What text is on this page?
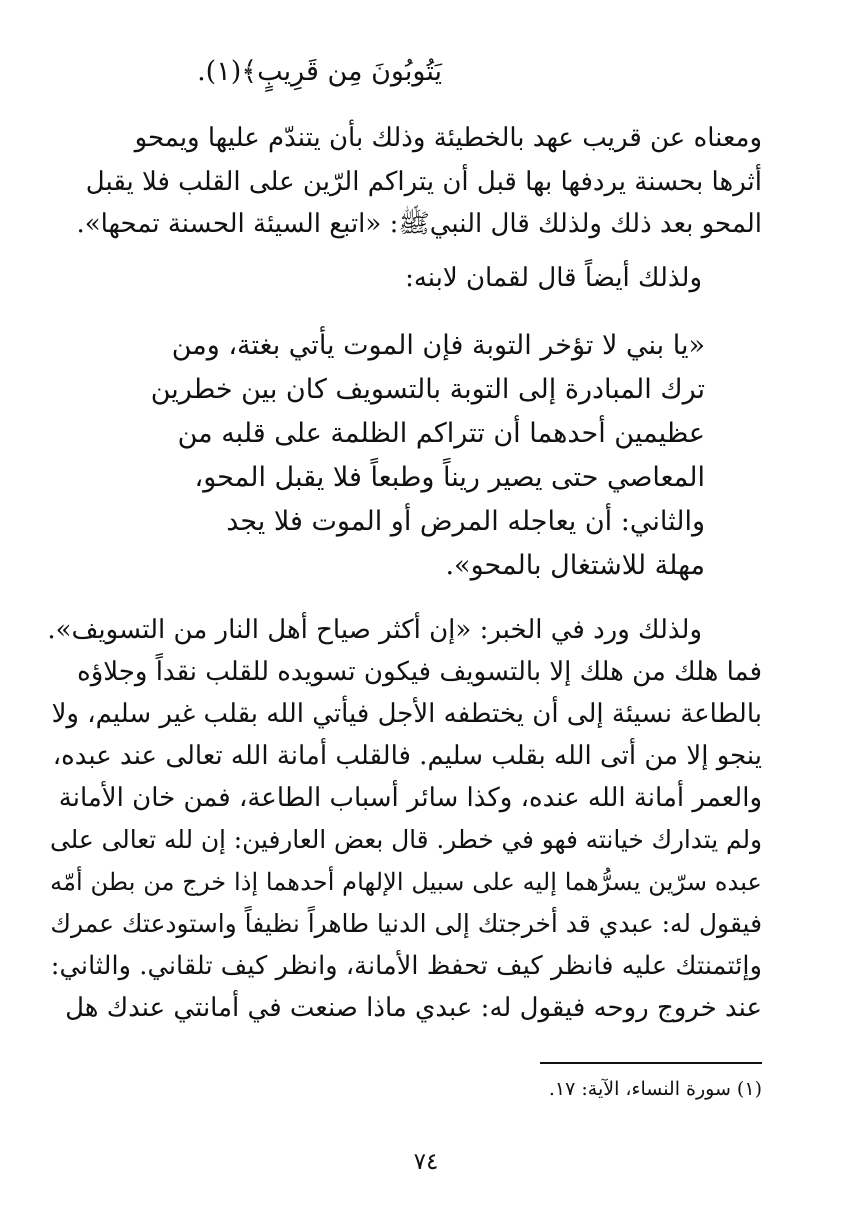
يَتُوبُونَ مِن قَرِيبٍ﴾(١).
ومعناه عن قريب عهد بالخطيئة وذلك بأن يتندّم عليها ويمحو
أثرها بحسنة يردفها بها قبل أن يتراكم الرّين على القلب فلا يقبل
المحو بعد ذلك ولذلك قال النبيﷺ: «اتبع السيئة الحسنة تمحها».
ولذلك أيضاً قال لقمان لابنه:
«يا بني لا تؤخر التوبة فإن الموت يأتي بغتة، ومن
ترك المبادرة إلى التوبة بالتسويف كان بين خطرين
عظيمين أحدهما أن تتراكم الظلمة على قلبه من
المعاصي حتى يصير ريناً وطبعاً فلا يقبل المحو،
والثاني: أن يعاجله المرض أو الموت فلا يجد
مهلة للاشتغال بالمحو».
ولذلك ورد في الخبر: «إن أكثر صياح أهل النار من التسويف».
فما هلك من هلك إلا بالتسويف فيكون تسويده للقلب نقداً وجلاؤه
بالطاعة نسيئة إلى أن يختطفه الأجل فيأتي الله بقلب غير سليم، ولا
ينجو إلا من أتى الله بقلب سليم. فالقلب أمانة الله تعالى عند عبده،
والعمر أمانة الله عنده، وكذا سائر أسباب الطاعة، فمن خان الأمانة
ولم يتدارك خيانته فهو في خطر. قال بعض العارفين: إن لله تعالى على
عبده سرّين يسرُّهما إليه على سبيل الإلهام أحدهما إذا خرج من بطن أمّه
فيقول له: عبدي قد أخرجتك إلى الدنيا طاهراً نظيفاً واستودعتك عمرك
وإئتمنتك عليه فانظر كيف تحفظ الأمانة، وانظر كيف تلقاني. والثاني:
عند خروج روحه فيقول له: عبدي ماذا صنعت في أمانتي عندك هل
(١) سورة النساء، الآية: ١٧.
٧٤
